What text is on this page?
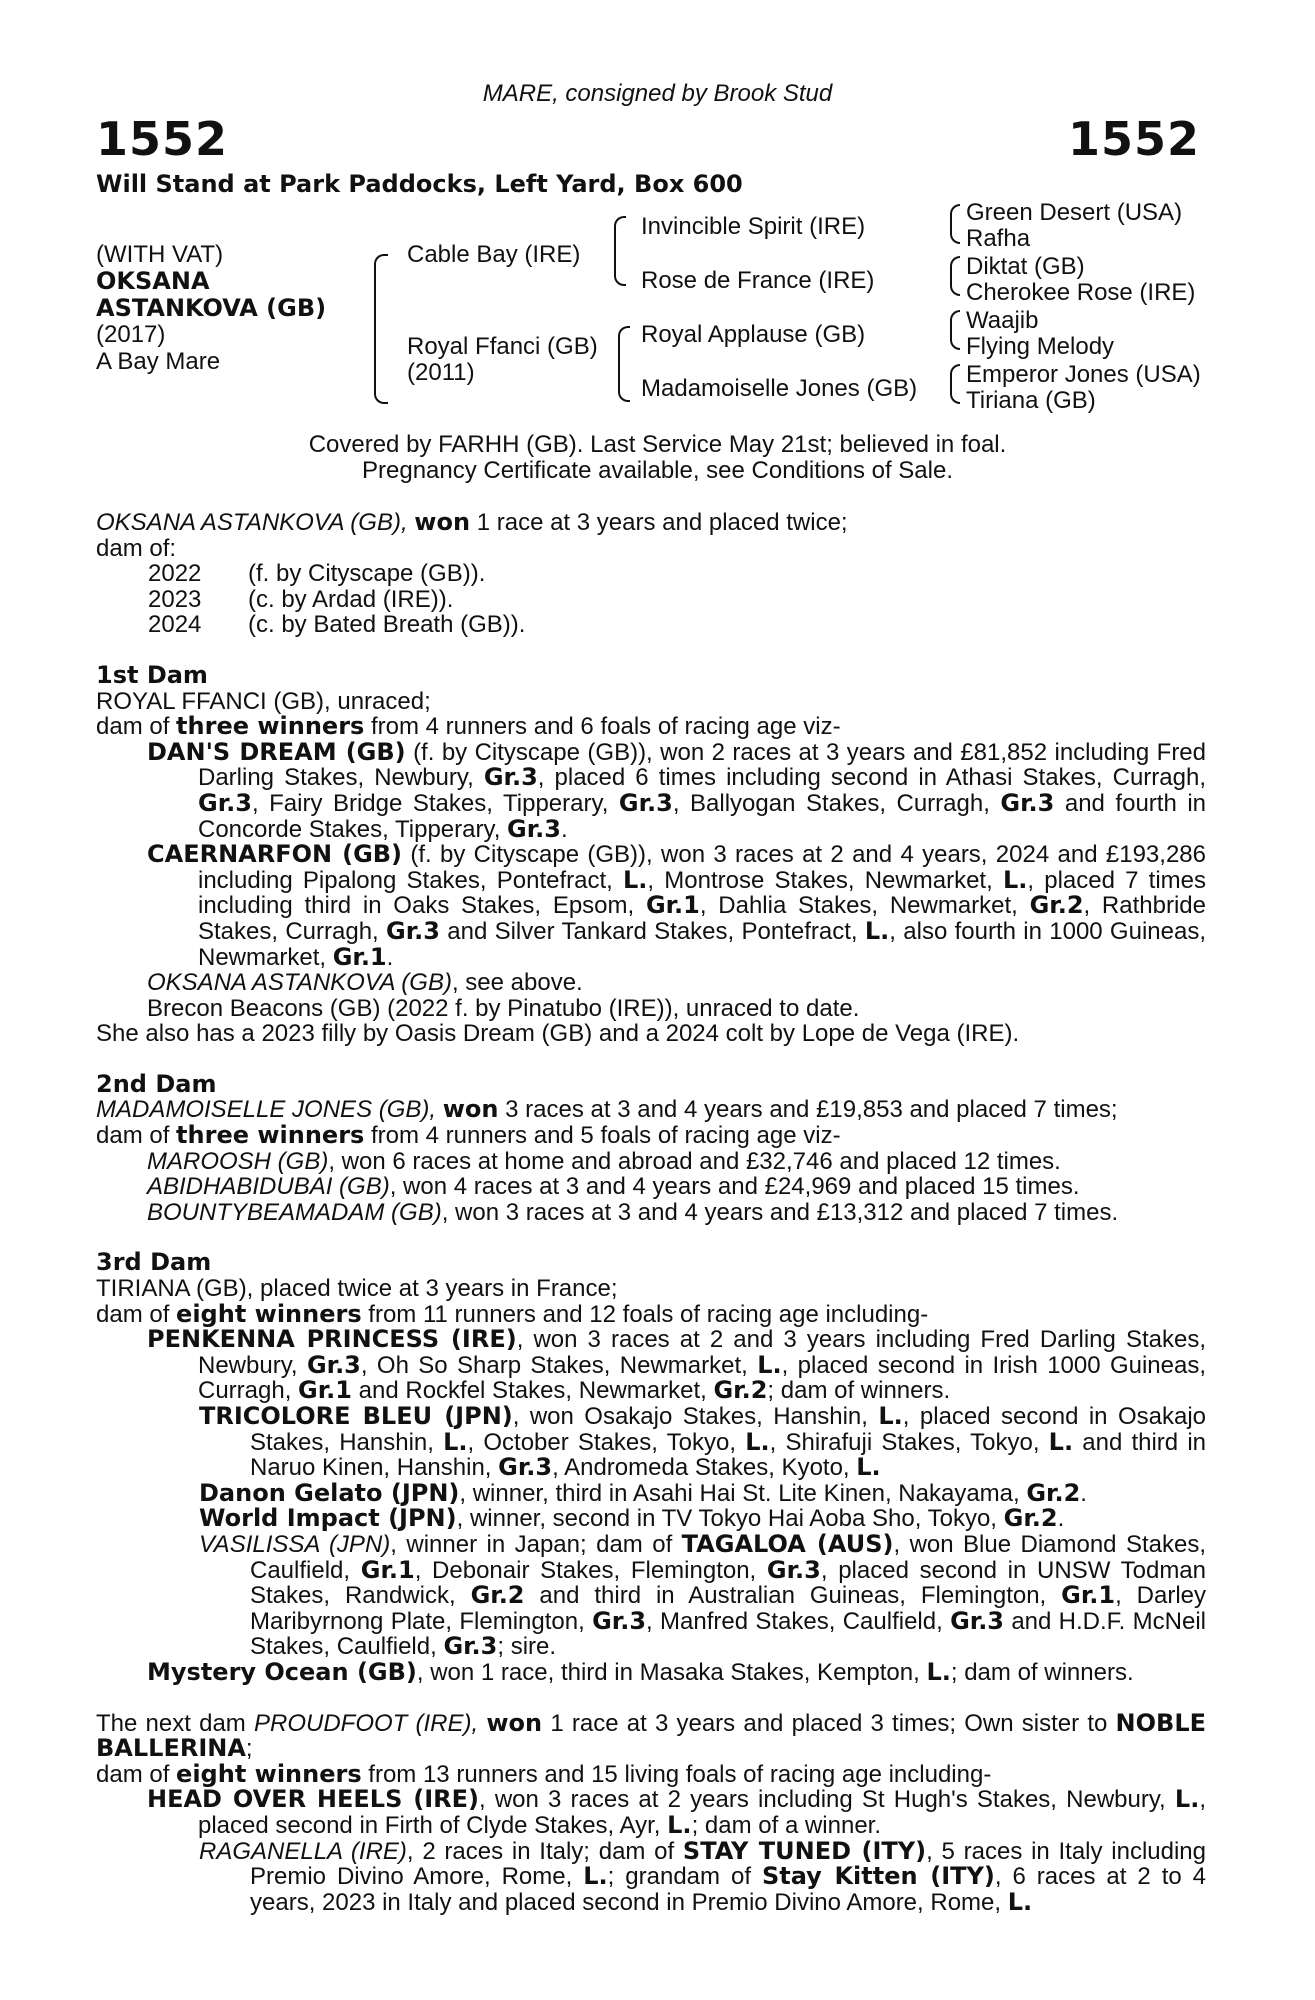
MARE, consigned by Brook Stud
1552	1552
Will Stand at Park Paddocks, Left Yard, Box 600
(WITH VAT)
OKSANA
ASTANKOVA (GB)
(2017)
A Bay Mare
Cable Bay (IRE)
Royal Ffanci (GB)
(2011)
Invincible Spirit (IRE)
Rose de France (IRE)
Royal Applause (GB)
Madamoiselle Jones (GB)
Green Desert (USA)
Rafha
Diktat (GB)
Cherokee Rose (IRE)
Waajib
Flying Melody
Emperor Jones (USA)
Tiriana (GB)
Covered by FARHH (GB). Last Service May 21st; believed in foal.
Pregnancy Certificate available, see Conditions of Sale.

OKSANA ASTANKOVA (GB), won 1 race at 3 years and placed twice;

dam of:

2022 (f. by Cityscape (GB)).

2023 (c. by Ardad (IRE)).

2024 (c. by Bated Breath (GB)).

1st Dam

ROYAL FFANCI (GB), unraced;

dam of three winners from 4 runners and 6 foals of racing age viz-

DAN'S DREAM (GB) (f. by Cityscape (GB)), won 2 races at 3 years and £81,852 including Fred Darling Stakes, Newbury, Gr.3, placed 6 times including second in Athasi Stakes, Curragh, Gr.3, Fairy Bridge Stakes, Tipperary, Gr.3, Ballyogan Stakes, Curragh, Gr.3 and fourth in Concorde Stakes, Tipperary, Gr.3.

CAERNARFON (GB) (f. by Cityscape (GB)), won 3 races at 2 and 4 years, 2024 and £193,286 including Pipalong Stakes, Pontefract, L., Montrose Stakes, Newmarket, L., placed 7 times including third in Oaks Stakes, Epsom, Gr.1, Dahlia Stakes, Newmarket, Gr.2, Rathbride Stakes, Curragh, Gr.3 and Silver Tankard Stakes, Pontefract, L., also fourth in 1000 Guineas, Newmarket, Gr.1.

OKSANA ASTANKOVA (GB), see above.

Brecon Beacons (GB) (2022 f. by Pinatubo (IRE)), unraced to date.

She also has a 2023 filly by Oasis Dream (GB) and a 2024 colt by Lope de Vega (IRE).

2nd Dam

MADAMOISELLE JONES (GB), won 3 races at 3 and 4 years and £19,853 and placed 7 times;

dam of three winners from 4 runners and 5 foals of racing age viz-

MAROOSH (GB), won 6 races at home and abroad and £32,746 and placed 12 times.

ABIDHABIDUBAI (GB), won 4 races at 3 and 4 years and £24,969 and placed 15 times.

BOUNTYBEAMADAM (GB), won 3 races at 3 and 4 years and £13,312 and placed 7 times.

3rd Dam

TIRIANA (GB), placed twice at 3 years in France;

dam of eight winners from 11 runners and 12 foals of racing age including-

PENKENNA PRINCESS (IRE), won 3 races at 2 and 3 years including Fred Darling Stakes, Newbury, Gr.3, Oh So Sharp Stakes, Newmarket, L., placed second in Irish 1000 Guineas, Curragh, Gr.1 and Rockfel Stakes, Newmarket, Gr.2; dam of winners.

TRICOLORE BLEU (JPN), won Osakajo Stakes, Hanshin, L., placed second in Osakajo Stakes, Hanshin, L., October Stakes, Tokyo, L., Shirafuji Stakes, Tokyo, L. and third in Naruo Kinen, Hanshin, Gr.3, Andromeda Stakes, Kyoto, L.

Danon Gelato (JPN), winner, third in Asahi Hai St. Lite Kinen, Nakayama, Gr.2.

World Impact (JPN), winner, second in TV Tokyo Hai Aoba Sho, Tokyo, Gr.2.

VASILISSA (JPN), winner in Japan; dam of TAGALOA (AUS), won Blue Diamond Stakes, Caulfield, Gr.1, Debonair Stakes, Flemington, Gr.3, placed second in UNSW Todman Stakes, Randwick, Gr.2 and third in Australian Guineas, Flemington, Gr.1, Darley Maribyrnong Plate, Flemington, Gr.3, Manfred Stakes, Caulfield, Gr.3 and H.D.F. McNeil Stakes, Caulfield, Gr.3; sire.

Mystery Ocean (GB), won 1 race, third in Masaka Stakes, Kempton, L.; dam of winners.

The next dam PROUDFOOT (IRE), won 1 race at 3 years and placed 3 times; Own sister to NOBLE BALLERINA;

dam of eight winners from 13 runners and 15 living foals of racing age including-

HEAD OVER HEELS (IRE), won 3 races at 2 years including St Hugh's Stakes, Newbury, L., placed second in Firth of Clyde Stakes, Ayr, L.; dam of a winner.

RAGANELLA (IRE), 2 races in Italy; dam of STAY TUNED (ITY), 5 races in Italy including Premio Divino Amore, Rome, L.; grandam of Stay Kitten (ITY), 6 races at 2 to 4 years, 2023 in Italy and placed second in Premio Divino Amore, Rome, L.
